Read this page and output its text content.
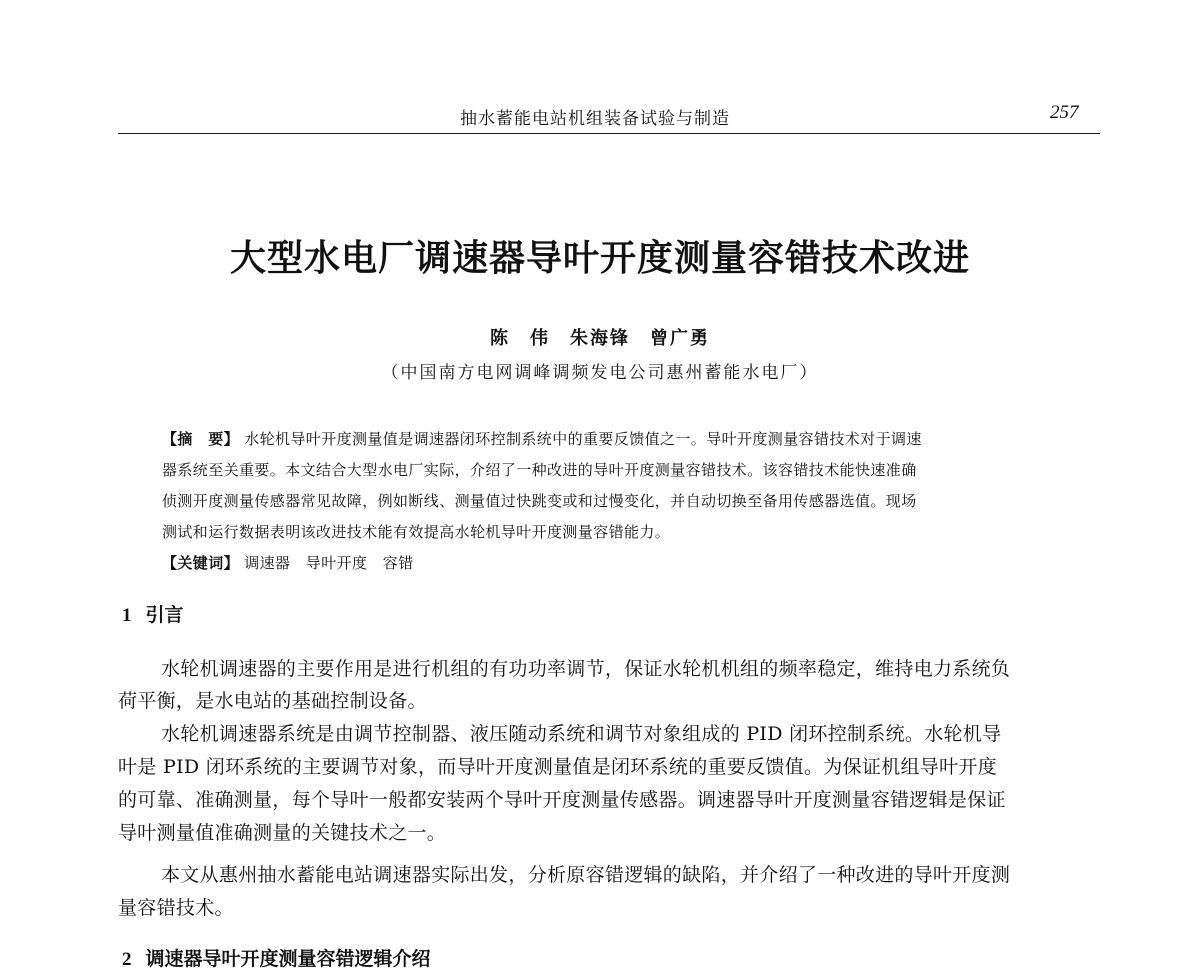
抽水蓄能电站机组装备试验与制造	257
大型水电厂调速器导叶开度测量容错技术改进
陈　伟　朱海锋　曾广勇
（中国南方电网调峰调频发电公司惠州蓄能水电厂）
【摘　要】 水轮机导叶开度测量值是调速器闭环控制系统中的重要反馈值之一。导叶开度测量容错技术对于调速
器系统至关重要。本文结合大型水电厂实际，介绍了一种改进的导叶开度测量容错技术。该容错技术能快速准确
侦测开度测量传感器常见故障，例如断线、测量值过快跳变或和过慢变化，并自动切换至备用传感器选值。现场
测试和运行数据表明该改进技术能有效提高水轮机导叶开度测量容错能力。
【关键词】 调速器　导叶开度　容错
1 引言
水轮机调速器的主要作用是进行机组的有功功率调节，保证水轮机机组的频率稳定，维持电力系统负
荷平衡，是水电站的基础控制设备。
水轮机调速器系统是由调节控制器、液压随动系统和调节对象组成的 PID 闭环控制系统。水轮机导
叶是 PID 闭环系统的主要调节对象，而导叶开度测量值是闭环系统的重要反馈值。为保证机组导叶开度
的可靠、准确测量，每个导叶一般都安装两个导叶开度测量传感器。调速器导叶开度测量容错逻辑是保证
导叶测量值准确测量的关键技术之一。
本文从惠州抽水蓄能电站调速器实际出发，分析原容错逻辑的缺陷，并介绍了一种改进的导叶开度测
量容错技术。
2 调速器导叶开度测量容错逻辑介绍
